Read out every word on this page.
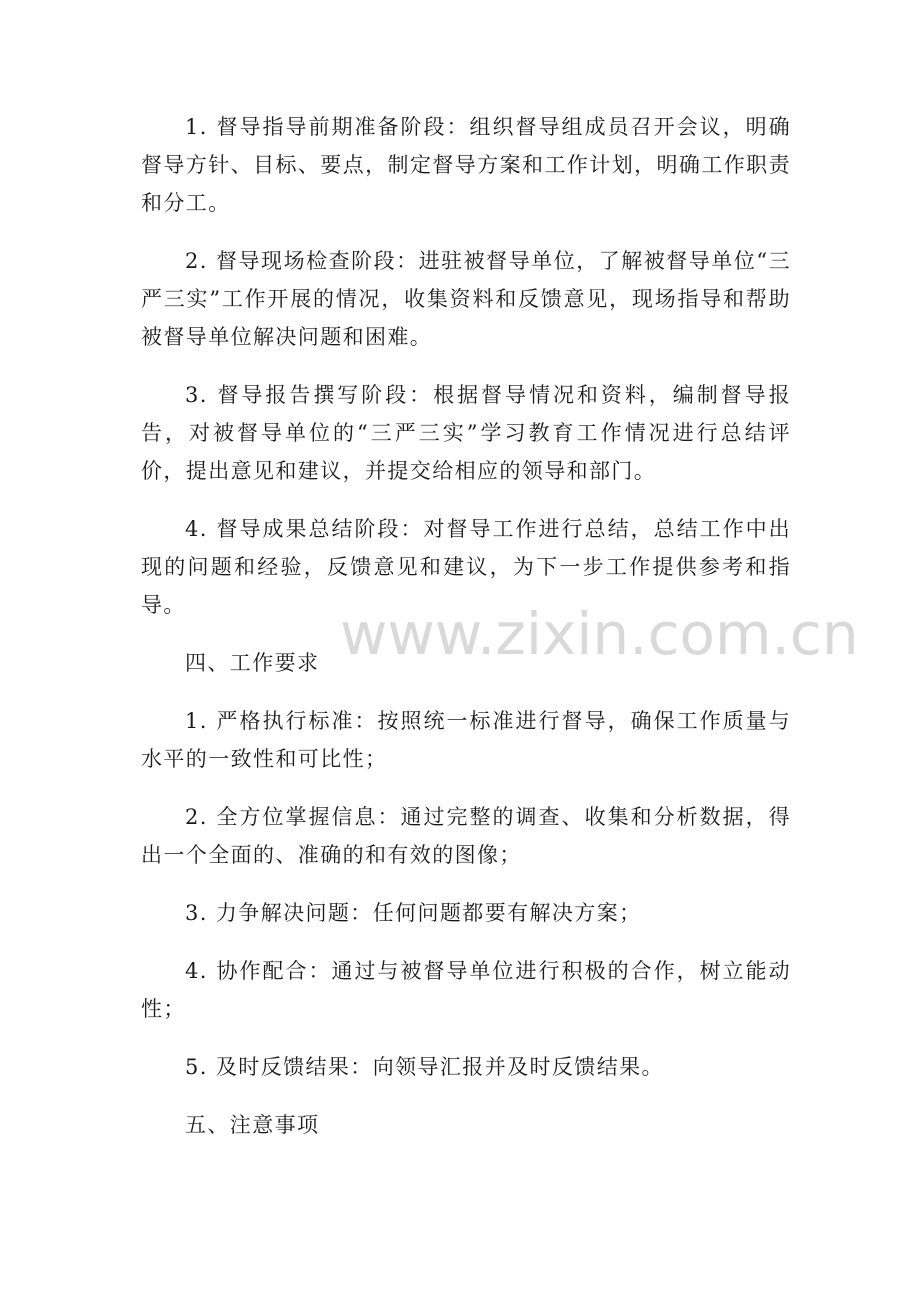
1. 督导指导前期准备阶段：组织督导组成员召开会议，明确督导方针、目标、要点，制定督导方案和工作计划，明确工作职责和分工。

2. 督导现场检查阶段：进驻被督导单位，了解被督导单位“三严三实”工作开展的情况，收集资料和反馈意见，现场指导和帮助被督导单位解决问题和困难。

3. 督导报告撰写阶段：根据督导情况和资料，编制督导报告，对被督导单位的“三严三实”学习教育工作情况进行总结评价，提出意见和建议，并提交给相应的领导和部门。

4. 督导成果总结阶段：对督导工作进行总结，总结工作中出现的问题和经验，反馈意见和建议，为下一步工作提供参考和指导。

四、工作要求

1. 严格执行标准：按照统一标准进行督导，确保工作质量与水平的一致性和可比性；

2. 全方位掌握信息：通过完整的调查、收集和分析数据，得出一个全面的、准确的和有效的图像；

3. 力争解决问题：任何问题都要有解决方案；

4. 协作配合：通过与被督导单位进行积极的合作，树立能动性；

5. 及时反馈结果：向领导汇报并及时反馈结果。

五、注意事项

www.zixin.com.cn
